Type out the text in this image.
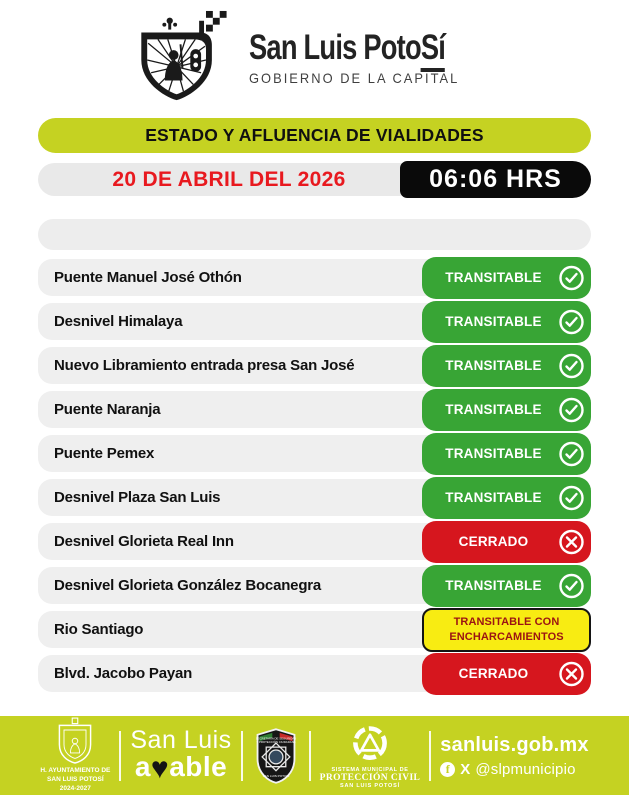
San Luis PotoSí
GOBIERNO DE LA CAPITAL
ESTADO Y AFLUENCIA DE VIALIDADES
20 DE ABRIL DEL 2026	06:06 HRS
Puente Manuel José Othón	TRANSITABLE
Desnivel Himalaya	TRANSITABLE
Nuevo Libramiento entrada presa San José	TRANSITABLE
Puente Naranja	TRANSITABLE
Puente Pemex	TRANSITABLE
Desnivel Plaza San Luis	TRANSITABLE
Desnivel Glorieta Real Inn	CERRADO
Desnivel Glorieta González Bocanegra	TRANSITABLE
Rio Santiago	TRANSITABLE CON
ENCHARCAMIENTOS
Blvd. Jacobo Payan	CERRADO
H. AYUNTAMIENTO DE
SAN LUIS POTOSÍ
2024-2027
San Luis
a♥able
SECRETARÍA DE SEGURIDAD
Y PROTECCIÓN CIUDADANA
SAN LUIS POTOSÍ
SISTEMA MUNICIPAL DE
PROTECCIÓN CIVIL
SAN LUIS POTOSÍ
sanluis.gob.mx
f X @slpmunicipio
